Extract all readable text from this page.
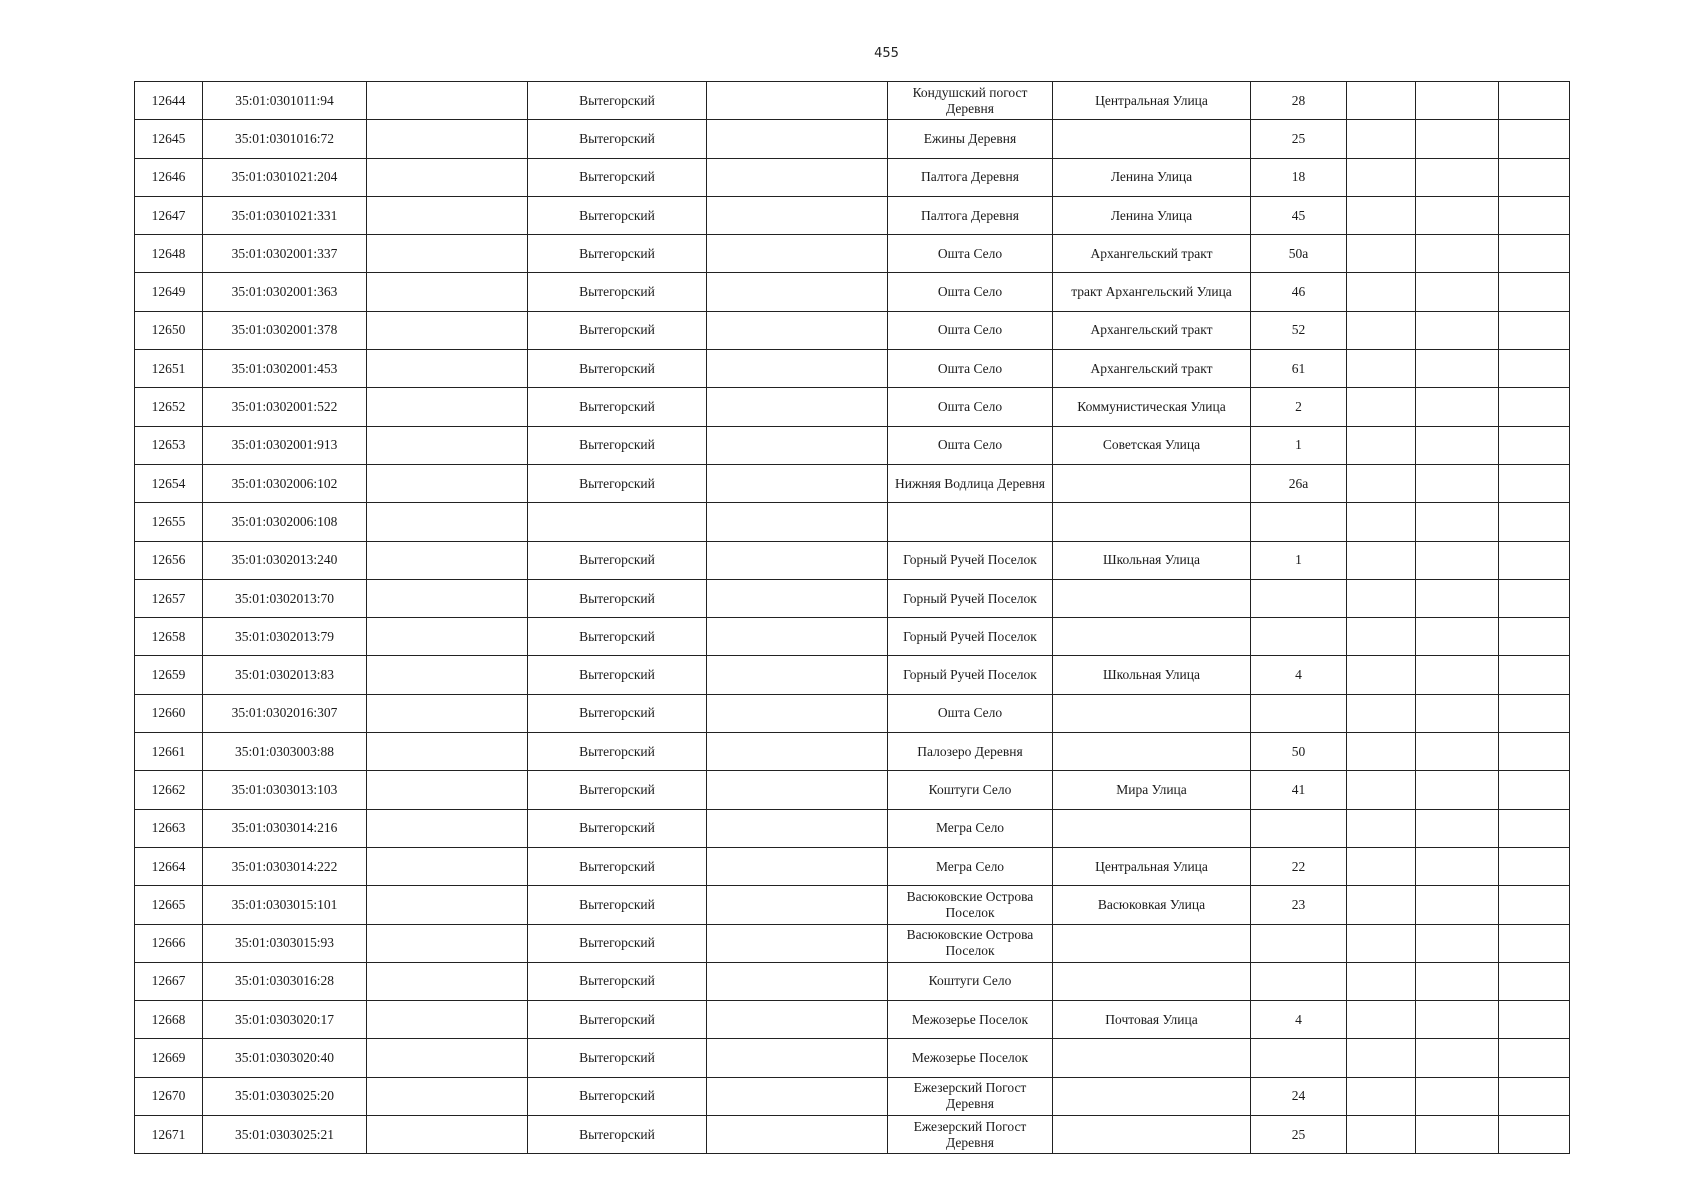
455
12644	35:01:0301011:94		Вытегорский		Кондушский погост Деревня	Центральная Улица	28			
12645	35:01:0301016:72		Вытегорский		Ежины Деревня		25			
12646	35:01:0301021:204		Вытегорский		Палтога Деревня	Ленина Улица	18			
12647	35:01:0301021:331		Вытегорский		Палтога Деревня	Ленина Улица	45			
12648	35:01:0302001:337		Вытегорский		Ошта Село	Архангельский тракт	50а			
12649	35:01:0302001:363		Вытегорский		Ошта Село	тракт Архангельский Улица	46			
12650	35:01:0302001:378		Вытегорский		Ошта Село	Архангельский тракт	52			
12651	35:01:0302001:453		Вытегорский		Ошта Село	Архангельский тракт	61			
12652	35:01:0302001:522		Вытегорский		Ошта Село	Коммунистическая Улица	2			
12653	35:01:0302001:913		Вытегорский		Ошта Село	Советская Улица	1			
12654	35:01:0302006:102		Вытегорский		Нижняя Водлица Деревня		26а			
12655	35:01:0302006:108									
12656	35:01:0302013:240		Вытегорский		Горный Ручей Поселок	Школьная Улица	1			
12657	35:01:0302013:70		Вытегорский		Горный Ручей Поселок					
12658	35:01:0302013:79		Вытегорский		Горный Ручей Поселок					
12659	35:01:0302013:83		Вытегорский		Горный Ручей Поселок	Школьная Улица	4			
12660	35:01:0302016:307		Вытегорский		Ошта Село					
12661	35:01:0303003:88		Вытегорский		Палозеро Деревня		50			
12662	35:01:0303013:103		Вытегорский		Коштуги Село	Мира Улица	41			
12663	35:01:0303014:216		Вытегорский		Мегра Село					
12664	35:01:0303014:222		Вытегорский		Мегра Село	Центральная Улица	22			
12665	35:01:0303015:101		Вытегорский		Васюковские Острова Поселок	Васюковкая Улица	23			
12666	35:01:0303015:93		Вытегорский		Васюковские Острова Поселок					
12667	35:01:0303016:28		Вытегорский		Коштуги Село					
12668	35:01:0303020:17		Вытегорский		Межозерье Поселок	Почтовая Улица	4			
12669	35:01:0303020:40		Вытегорский		Межозерье Поселок					
12670	35:01:0303025:20		Вытегорский		Ежезерский Погост Деревня		24			
12671	35:01:0303025:21		Вытегорский		Ежезерский Погост Деревня		25			
